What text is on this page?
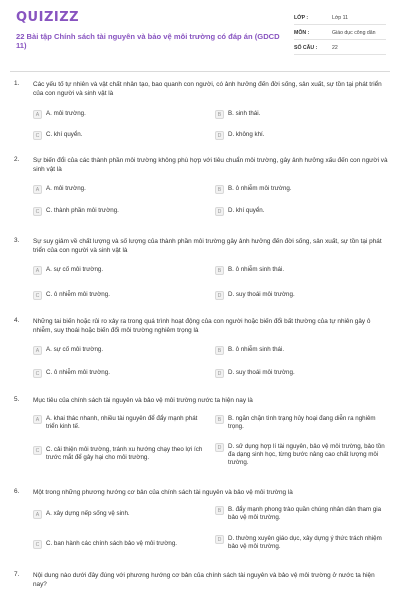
QUIZIZZ
22 Bài tập Chính sách tài nguyên và bảo vệ môi trường có đáp án (GDCD 11)
LỚP :	Lớp 11
MÔN :	Giáo dục công dân
SỐ CÂU :	22
1. Các yếu tố tự nhiên và vật chất nhân tạo, bao quanh con người, có ảnh hưởng đến đời sống, sản xuất, sự tồn tại phát triển của con người và sinh vật là
A	A. môi trường.	B	B. sinh thái.
C	C. khí quyển.	D	D. không khí.
2. Sự biến đổi của các thành phần môi trường không phù hợp với tiêu chuẩn môi trường, gây ảnh hưởng xấu đến con người và sinh vật là
A	A. môi trường.	B	B. ô nhiễm môi trường.
C	C. thành phần môi trường.	D	D. khí quyển.
3. Sự suy giảm về chất lượng và số lượng của thành phần môi trường gây ảnh hưởng đến đời sống, sản xuất, sự tồn tại phát triển của con người và sinh vật là
A	A. sự cố môi trường.	B	B. ô nhiễm sinh thái.
C	C. ô nhiễm môi trường.	D	D. suy thoái môi trường.
4. Những tai biến hoặc rủi ro xảy ra trong quá trình hoạt động của con người hoặc biến đổi bất thường của tự nhiên gây ô nhiễm, suy thoái hoặc biến đổi môi trường nghiêm trọng là
A	A. sự cố môi trường.	B	B. ô nhiễm sinh thái.
C	C. ô nhiễm môi trường.	D	D. suy thoái môi trường.
5. Mục tiêu của chính sách tài nguyên và bảo vệ môi trường nước ta hiện nay là
A	A. khai thác nhanh, nhiều tài nguyên để đẩy mạnh phát triển kinh tế.
B	B. ngăn chặn tình trạng hủy hoại đang diễn ra nghiêm trọng.
C	C. cải thiện môi trường, tránh xu hướng chạy theo lợi ích trước mắt để gây hại cho môi trường.
D	D. sử dụng hợp lí tài nguyên, bảo vệ môi trường, bảo tồn đa dạng sinh học, từng bước nâng cao chất lượng môi trường.
6. Một trong những phương hướng cơ bản của chính sách tài nguyên và bảo vệ môi trường là
A	A. xây dựng nếp sống vệ sinh.	B	B. đẩy mạnh phong trào quần chúng nhân dân tham gia bảo vệ môi trường.
C	C. ban hành các chính sách bảo vệ môi trường.
D	D. thường xuyên giáo dục, xây dựng ý thức trách nhiệm bảo vệ môi trường.
7. Nội dung nào dưới đây đúng với phương hướng cơ bản của chính sách tài nguyên và bảo vệ môi trường ở nước ta hiện nay?
